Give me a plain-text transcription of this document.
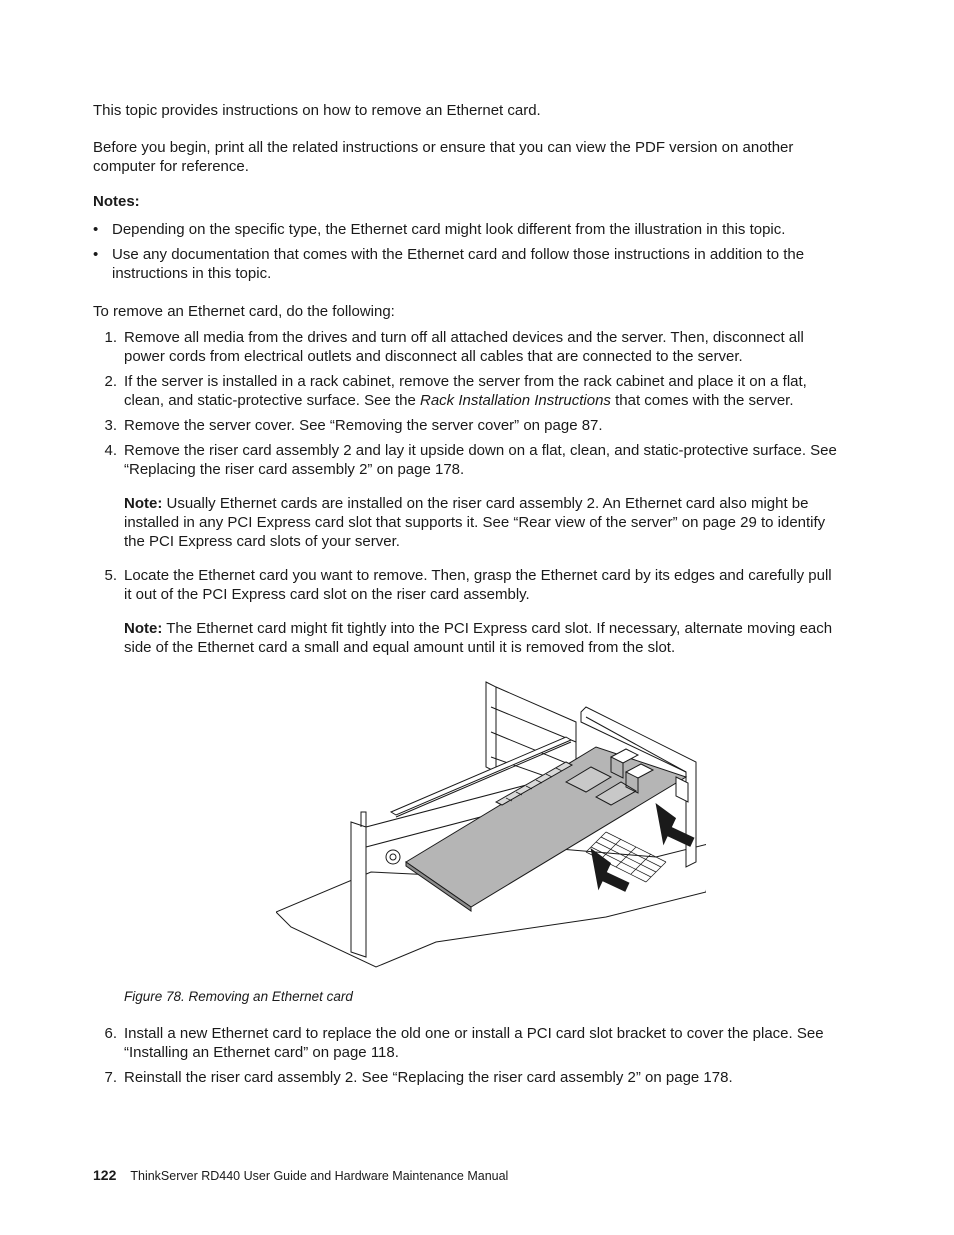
This topic provides instructions on how to remove an Ethernet card.

Before you begin, print all the related instructions or ensure that you can view the PDF version on another computer for reference.

Notes:

• Depending on the specific type, the Ethernet card might look different from the illustration in this topic.
• Use any documentation that comes with the Ethernet card and follow those instructions in addition to the instructions in this topic.

To remove an Ethernet card, do the following:

1. Remove all media from the drives and turn off all attached devices and the server. Then, disconnect all power cords from electrical outlets and disconnect all cables that are connected to the server.
2. If the server is installed in a rack cabinet, remove the server from the rack cabinet and place it on a flat, clean, and static-protective surface. See the Rack Installation Instructions that comes with the server.
3. Remove the server cover. See “Removing the server cover” on page 87.
4. Remove the riser card assembly 2 and lay it upside down on a flat, clean, and static-protective surface. See “Replacing the riser card assembly 2” on page 178.

Note: Usually Ethernet cards are installed on the riser card assembly 2. An Ethernet card also might be installed in any PCI Express card slot that supports it. See “Rear view of the server” on page 29 to identify the PCI Express card slots of your server.

5. Locate the Ethernet card you want to remove. Then, grasp the Ethernet card by its edges and carefully pull it out of the PCI Express card slot on the riser card assembly.

Note: The Ethernet card might fit tightly into the PCI Express card slot. If necessary, alternate moving each side of the Ethernet card a small and equal amount until it is removed from the slot.

Figure 78. Removing an Ethernet card

6. Install a new Ethernet card to replace the old one or install a PCI card slot bracket to cover the place. See “Installing an Ethernet card” on page 118.
7. Reinstall the riser card assembly 2. See “Replacing the riser card assembly 2” on page 178.
122 ThinkServer RD440 User Guide and Hardware Maintenance Manual
